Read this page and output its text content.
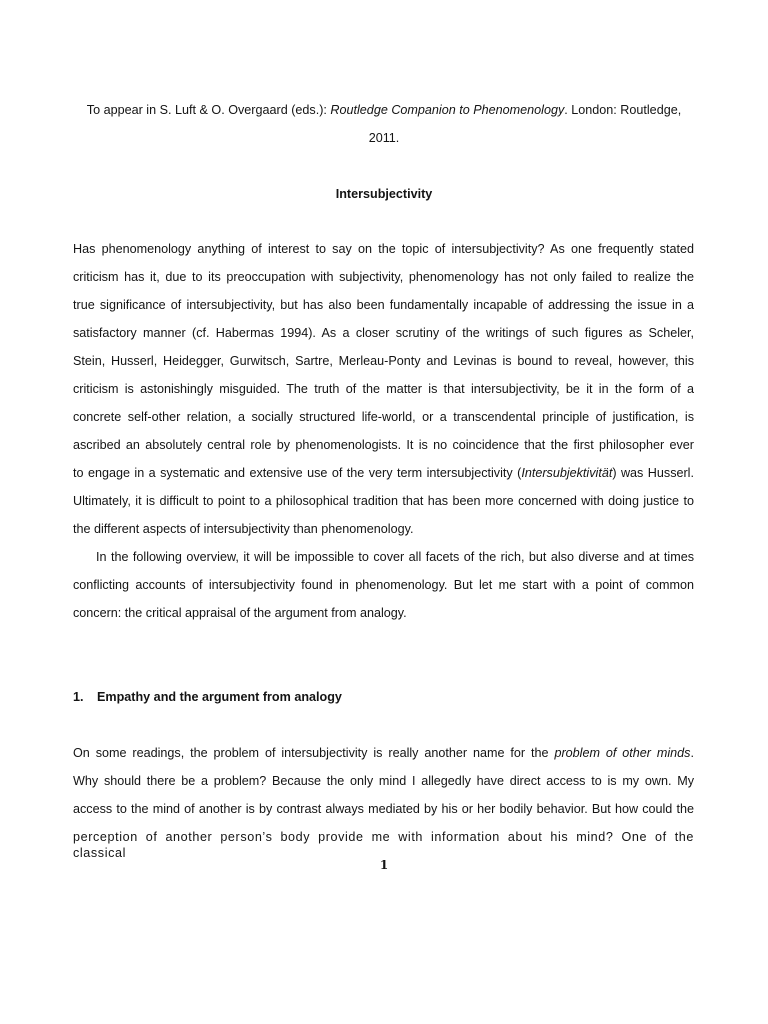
To appear in S. Luft & O. Overgaard (eds.): Routledge Companion to Phenomenology. London: Routledge,
2011.
Intersubjectivity
Has phenomenology anything of interest to say on the topic of intersubjectivity? As one frequently stated
criticism has it, due to its preoccupation with subjectivity, phenomenology has not only failed to realize the
true significance of intersubjectivity, but has also been fundamentally incapable of addressing the issue in a
satisfactory manner (cf. Habermas 1994). As a closer scrutiny of the writings of such figures as Scheler,
Stein, Husserl, Heidegger, Gurwitsch, Sartre, Merleau-Ponty and Levinas is bound to reveal, however, this
criticism is astonishingly misguided. The truth of the matter is that intersubjectivity, be it in the form of a
concrete self-other relation, a socially structured life-world, or a transcendental principle of justification, is
ascribed an absolutely central role by phenomenologists. It is no coincidence that the first philosopher ever
to engage in a systematic and extensive use of the very term intersubjectivity (Intersubjektivität) was Husserl.
Ultimately, it is difficult to point to a philosophical tradition that has been more concerned with doing justice to
the different aspects of intersubjectivity than phenomenology.
In the following overview, it will be impossible to cover all facets of the rich, but also diverse and at times
conflicting accounts of intersubjectivity found in phenomenology. But let me start with a point of common
concern: the critical appraisal of the argument from analogy.
1. Empathy and the argument from analogy
On some readings, the problem of intersubjectivity is really another name for the problem of other minds.
Why should there be a problem? Because the only mind I allegedly have direct access to is my own. My
access to the mind of another is by contrast always mediated by his or her bodily behavior. But how could the
perception of another person’s body provide me with information about his mind? One of the classical
1
